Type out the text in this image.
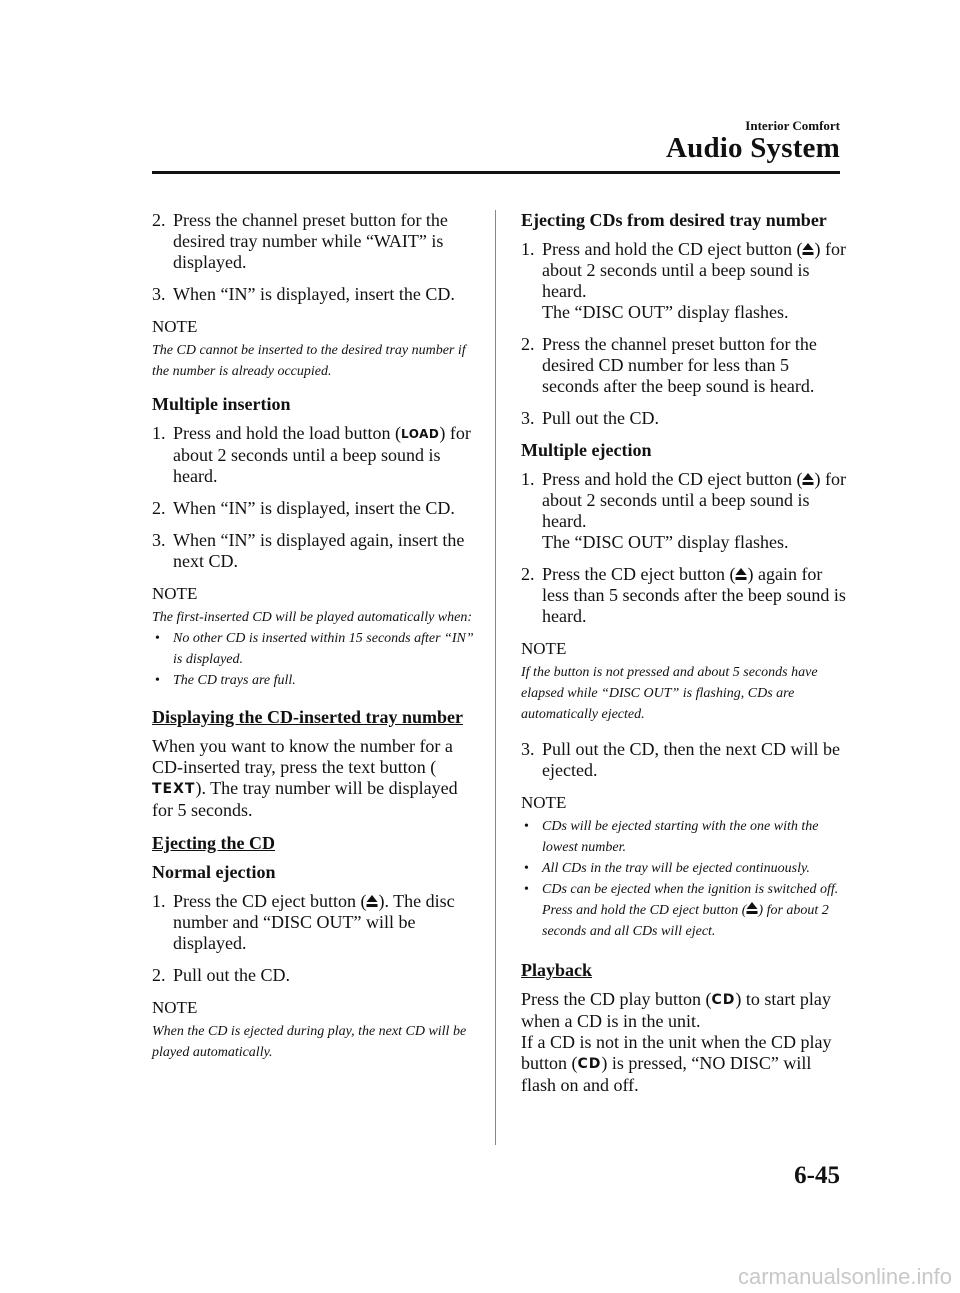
Interior Comfort
Audio System
2. Press the channel preset button for the desired tray number while “WAIT” is displayed.
3. When “IN” is displayed, insert the CD.
NOTE
The CD cannot be inserted to the desired tray number if the number is already occupied.
Multiple insertion
1. Press and hold the load button (LOAD) for about 2 seconds until a beep sound is heard.
2. When “IN” is displayed, insert the CD.
3. When “IN” is displayed again, insert the next CD.
NOTE
The first-inserted CD will be played automatically when:
• No other CD is inserted within 15 seconds after “IN” is displayed.
• The CD trays are full.
Displaying the CD-inserted tray number
When you want to know the number for a CD-inserted tray, press the text button (TEXT). The tray number will be displayed for 5 seconds.
Ejecting the CD
Normal ejection
1. Press the CD eject button ( ). The disc number and “DISC OUT” will be displayed.
2. Pull out the CD.
NOTE
When the CD is ejected during play, the next CD will be played automatically.
Ejecting CDs from desired tray number
1. Press and hold the CD eject button ( ) for about 2 seconds until a beep sound is heard.
The “DISC OUT” display flashes.
2. Press the channel preset button for the desired CD number for less than 5 seconds after the beep sound is heard.
3. Pull out the CD.
Multiple ejection
1. Press and hold the CD eject button ( ) for about 2 seconds until a beep sound is heard.
The “DISC OUT” display flashes.
2. Press the CD eject button ( ) again for less than 5 seconds after the beep sound is heard.
NOTE
If the button is not pressed and about 5 seconds have elapsed while “DISC OUT” is flashing, CDs are automatically ejected.
3. Pull out the CD, then the next CD will be ejected.
NOTE
• CDs will be ejected starting with the one with the lowest number.
• All CDs in the tray will be ejected continuously.
• CDs can be ejected when the ignition is switched off. Press and hold the CD eject button ( ) for about 2 seconds and all CDs will eject.
Playback
Press the CD play button (CD) to start play when a CD is in the unit.
If a CD is not in the unit when the CD play button (CD) is pressed, “NO DISC” will flash on and off.
6-45
carmanualsonline.info
